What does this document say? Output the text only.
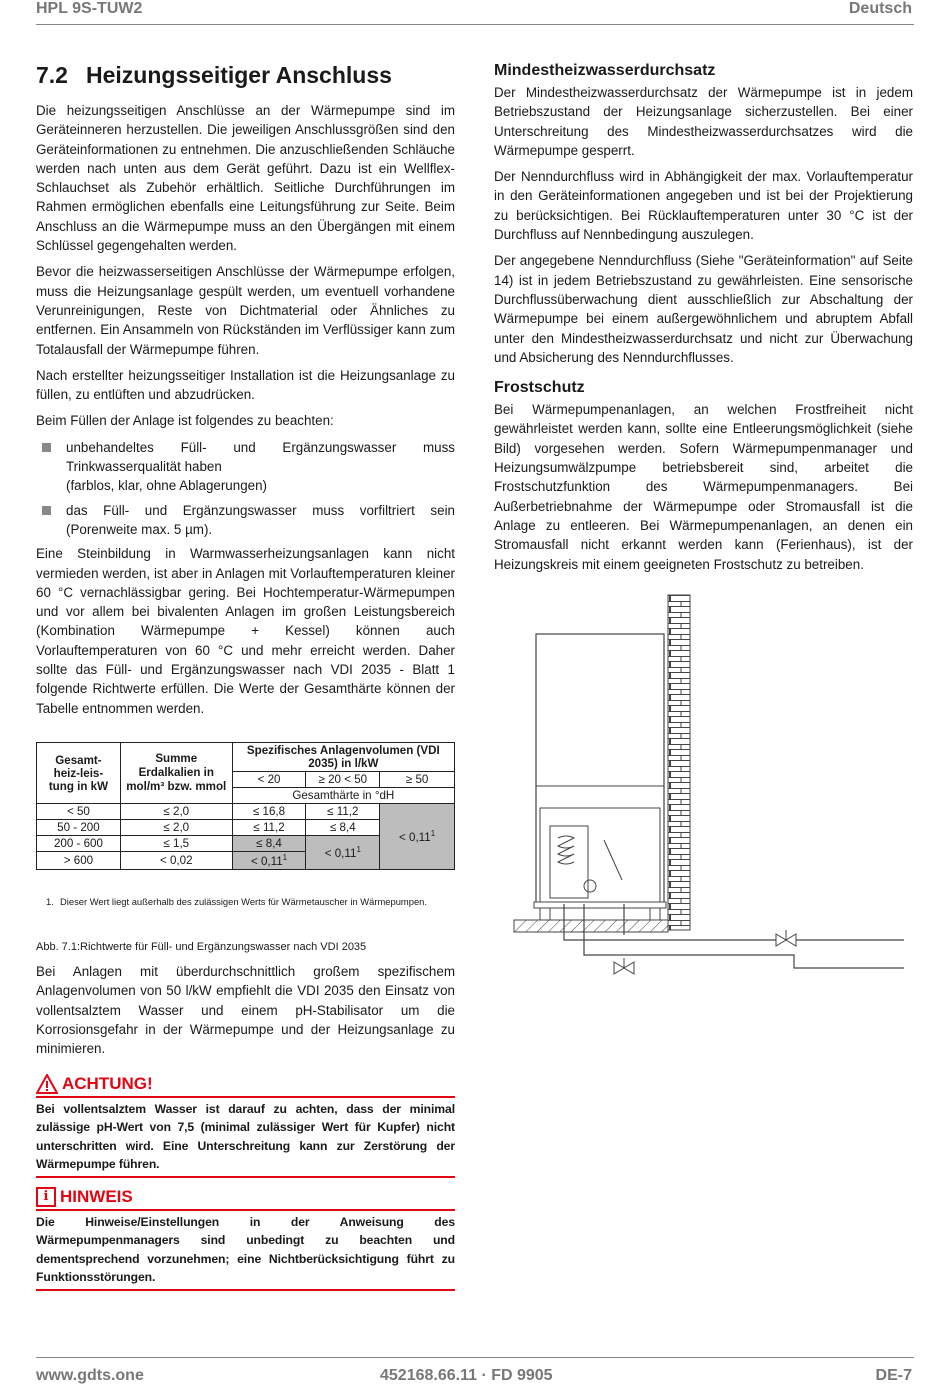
HPL 9S-TUW2	Deutsch
7.2 Heizungsseitiger Anschluss

Die heizungsseitigen Anschlüsse an der Wärmepumpe sind im Geräteinneren herzustellen. Die jeweiligen Anschlussgrößen sind den Geräteinformationen zu entnehmen. Die anzuschließenden Schläuche werden nach unten aus dem Gerät geführt. Dazu ist ein Wellflex-Schlauchset als Zubehör erhältlich. Seitliche Durchführungen im Rahmen ermöglichen ebenfalls eine Leitungsführung zur Seite. Beim Anschluss an die Wärmepumpe muss an den Übergängen mit einem Schlüssel gegengehalten werden.

Bevor die heizwasserseitigen Anschlüsse der Wärmepumpe erfolgen, muss die Heizungsanlage gespült werden, um eventuell vorhandene Verunreinigungen, Reste von Dichtmaterial oder Ähnliches zu entfernen. Ein Ansammeln von Rückständen im Verflüssiger kann zum Totalausfall der Wärmepumpe führen.

Nach erstellter heizungsseitiger Installation ist die Heizungsanlage zu füllen, zu entlüften und abzudrücken.

Beim Füllen der Anlage ist folgendes zu beachten:

unbehandeltes Füll- und Ergänzungswasser muss Trinkwasserqualität haben
(farblos, klar, ohne Ablagerungen)
das Füll- und Ergänzungswasser muss vorfiltriert sein (Porenweite max. 5 µm).

Eine Steinbildung in Warmwasserheizungsanlagen kann nicht vermieden werden, ist aber in Anlagen mit Vorlauftemperaturen kleiner 60 °C vernachlässigbar gering. Bei Hochtemperatur-Wärmepumpen und vor allem bei bivalenten Anlagen im großen Leistungsbereich (Kombination Wärmepumpe + Kessel) können auch Vorlauftemperaturen von 60 °C und mehr erreicht werden. Daher sollte das Füll- und Ergänzungswasser nach VDI 2035 - Blatt 1 folgende Richtwerte erfüllen. Die Werte der Gesamthärte können der Tabelle entnommen werden.

Gesamt-heiz-leis-tung in kW	Summe Erdalkalien in mol/m³ bzw. mmol	Spezifisches Anlagenvolumen (VDI 2035) in l/kW		
		< 20	≥ 20 < 50	≥ 50
		Gesamthärte in °dH		
< 50	≤ 2,0	≤ 16,8	≤ 11,2	< $0,11^1$
50 - 200	≤ 2,0	≤ 11,2	≤ 8,4	
200 - 600	≤ 1,5	≤ 8,4	< $0,11^1$
> 600	< 0,02	< $0,11^1$
1. Dieser Wert liegt außerhalb des zulässigen Werts für Wärmetauscher in Wärmepumpen.
Abb. 7.1:Richtwerte für Füll- und Ergänzungswasser nach VDI 2035

Bei Anlagen mit überdurchschnittlich großem spezifischem Anlagenvolumen von 50 l/kW empfiehlt die VDI 2035 den Einsatz von vollentsalztem Wasser und einem pH-Stabilisator um die Korrosionsgefahr in der Wärmepumpe und der Heizungsanlage zu minimieren.

ACHTUNG!
Bei vollentsalztem Wasser ist darauf zu achten, dass der minimal zulässige pH-Wert von 7,5 (minimal zulässiger Wert für Kupfer) nicht unterschritten wird. Eine Unterschreitung kann zur Zerstörung der Wärmepumpe führen.
i HINWEIS
Die Hinweise/Einstellungen in der Anweisung des Wärmepumpenmanagers sind unbedingt zu beachten und dementsprechend vorzunehmen; eine Nichtberücksichtigung führt zu Funktionsstörungen.
Mindestheizwasserdurchsatz

Der Mindestheizwasserdurchsatz der Wärmepumpe ist in jedem Betriebszustand der Heizungsanlage sicherzustellen. Bei einer Unterschreitung des Mindestheizwasserdurchsatzes wird die Wärmepumpe gesperrt.

Der Nenndurchfluss wird in Abhängigkeit der max. Vorlauftemperatur in den Geräteinformationen angegeben und ist bei der Projektierung zu berücksichtigen. Bei Rücklauftemperaturen unter 30 °C ist der Durchfluss auf Nennbedingung auszulegen.

Der angegebene Nenndurchfluss (Siehe "Geräteinformation" auf Seite 14) ist in jedem Betriebszustand zu gewährleisten. Eine sensorische Durchflussüberwachung dient ausschließlich zur Abschaltung der Wärmepumpe bei einem außergewöhnlichem und abruptem Abfall unter den Mindestheizwasserdurchsatz und nicht zur Überwachung und Absicherung des Nenndurchflusses.

Frostschutz

Bei Wärmepumpenanlagen, an welchen Frostfreiheit nicht gewährleistet werden kann, sollte eine Entleerungsmöglichkeit (siehe Bild) vorgesehen werden. Sofern Wärmepumpenmanager und Heizungsumwälzpumpe betriebsbereit sind, arbeitet die Frostschutzfunktion des Wärmepumpenmanagers. Bei Außerbetriebnahme der Wärmepumpe oder Stromausfall ist die Anlage zu entleeren. Bei Wärmepumpenanlagen, an denen ein Stromausfall nicht erkannt werden kann (Ferienhaus), ist der Heizungskreis mit einem geeigneten Frostschutz zu betreiben.

www.gdts.one	452168.66.11 · FD 9905	DE-7
